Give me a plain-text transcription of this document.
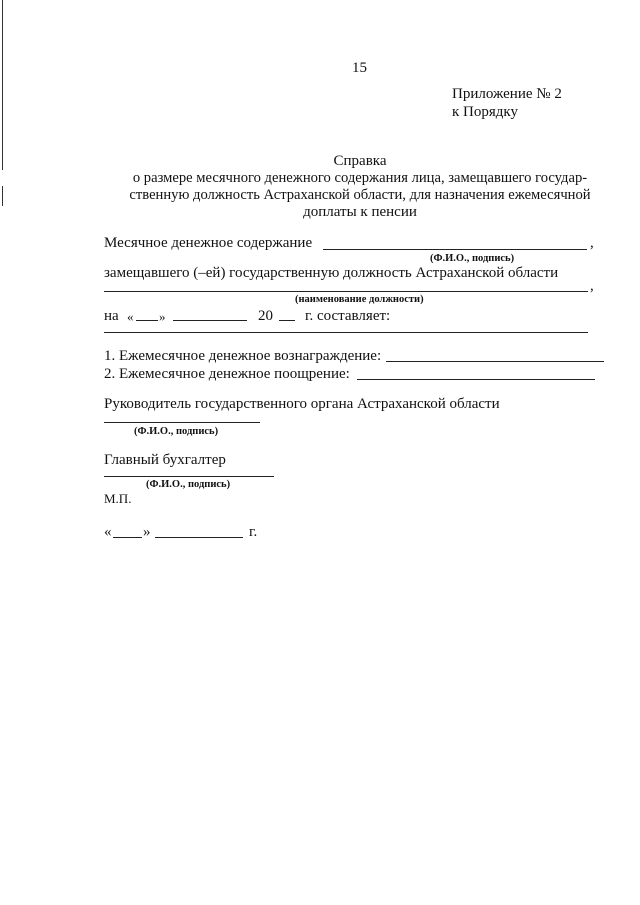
15
Приложение № 2
к Порядку
Справка
о размере месячного денежного содержания лица, замещавшего государ-
ственную должность Астраханской области, для назначения ежемесячной
доплаты к пенсии
Месячное денежное содержание	,
(Ф.И.О., подпись)
замещавшего (–ей) государственную должность Астраханской области
,
(наименование должности)
на « »	20 г. составляет:
1. Ежемесячное денежное вознаграждение:
2. Ежемесячное денежное поощрение:
Руководитель государственного органа Астраханской области
(Ф.И.О., подпись)
Главный бухгалтер
(Ф.И.О., подпись)
М.П.
« »	г.
